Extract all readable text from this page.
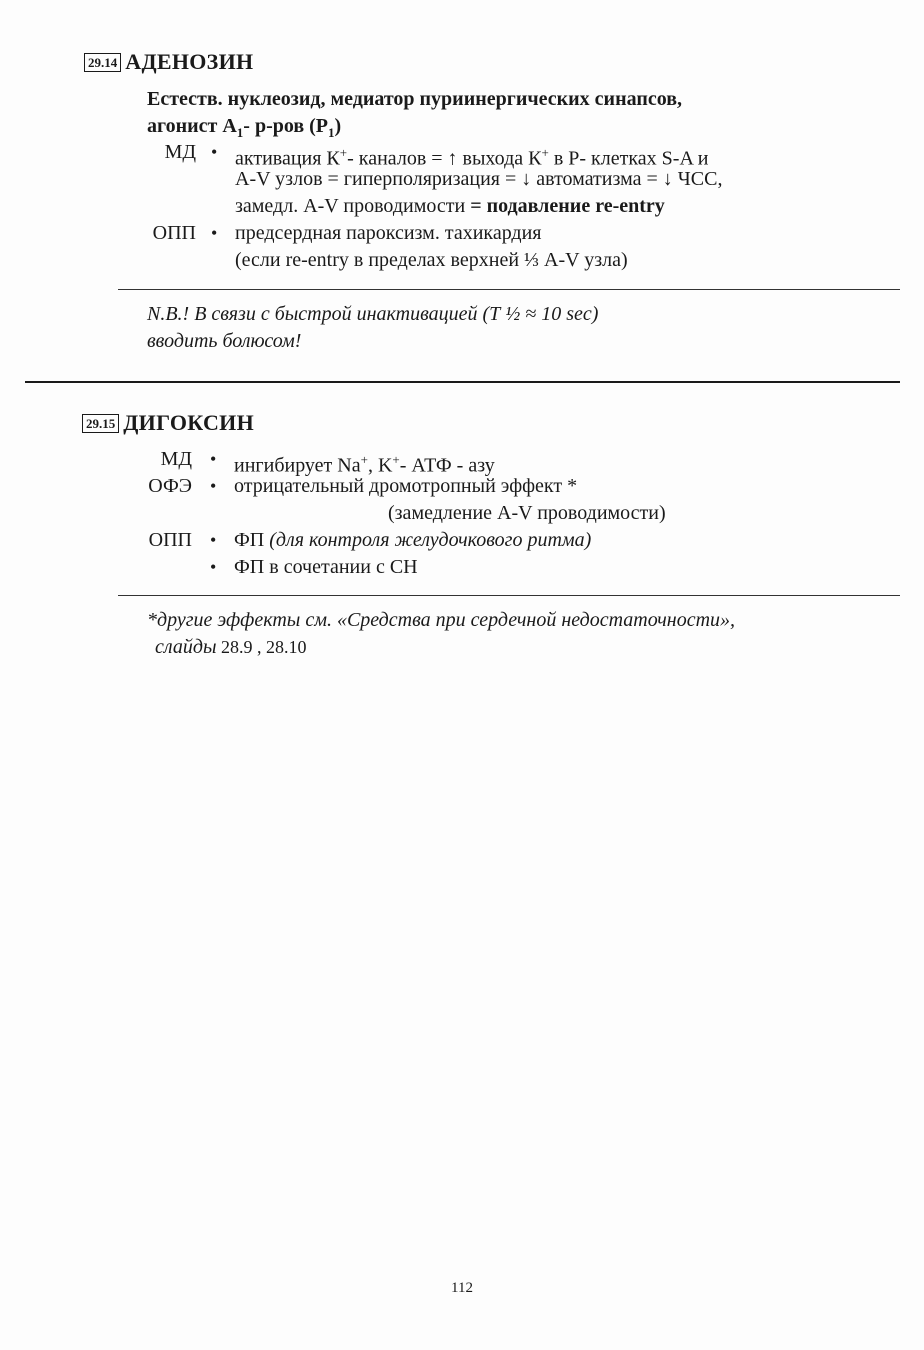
29.14 АДЕНОЗИН
Естеств. нуклеозид, медиатор пуриинергических синапсов,
агонист $А_1-$ р-ров $(Р_1)$
МД • активация К+- каналов = ↑ выхода К+ в Р- клетках S-A и
A-V узлов = гиперполяризация = ↓ автоматизма = ↓ ЧСС,
замедл. A-V проводимости = подавление re-entry
ОПП • предсердная пароксизм. тахикардия
(если re-entry в пределах верхней ⅓ A-V узла)
N.B.! В связи с быстрой инактивацией (Т ½ ≈ 10 sec)
вводить болюсом!
29.15 ДИГОКСИН
МД • ингибирует Na+, K+- АТФ - азу
ОФЭ • отрицательный дромотропный эффект *
(замедление A-V проводимости)
ОПП • ФП (для контроля желудочкового ритма)
• ФП в сочетании с СН
*другие эффекты см. «Средства при сердечной недостаточности»,
слайды 28.9 , 28.10
112
